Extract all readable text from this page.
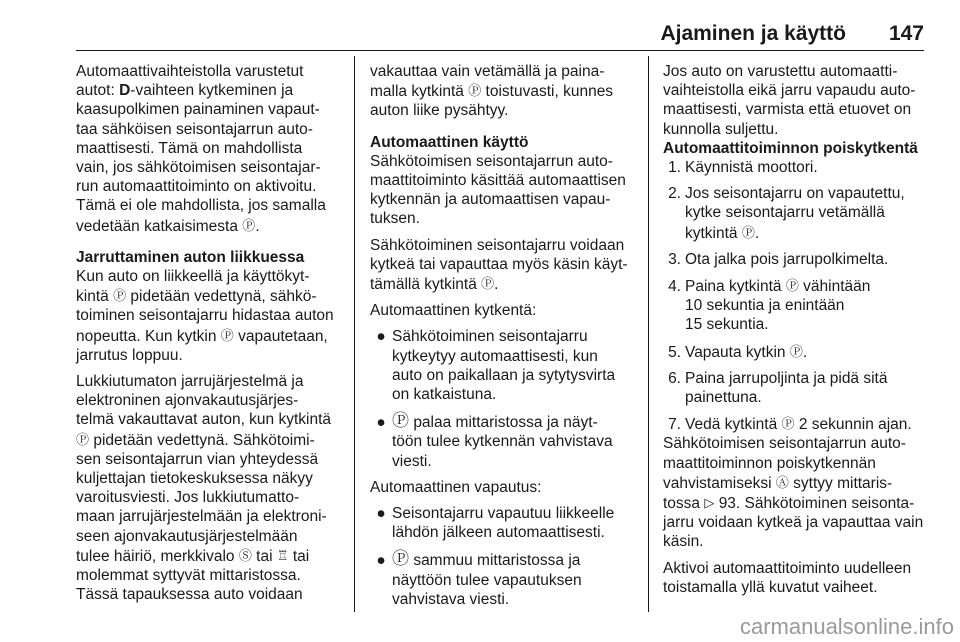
Ajaminen ja käyttö 147
Automaattivaihteistolla varustetut
autot: D-vaihteen kytkeminen ja
kaasupolkimen painaminen vapaut-
taa sähköisen seisontajarrun auto-
maattisesti. Tämä on mahdollista
vain, jos sähkötoimisen seisontajar-
run automaattitoiminto on aktivoitu.
Tämä ei ole mahdollista, jos samalla
vedetään katkaisimesta Ⓟ.
Jarruttaminen auton liikkuessa
Kun auto on liikkeellä ja käyttökyt-
kintä Ⓟ pidetään vedettynä, sähkö-
toiminen seisontajarru hidastaa auton
nopeutta. Kun kytkin Ⓟ vapautetaan,
jarrutus loppuu.
Lukkiutumaton jarrujärjestelmä ja
elektroninen ajonvakautusjärjes-
telmä vakauttavat auton, kun kytkintä
Ⓟ pidetään vedettynä. Sähkötoimi-
sen seisontajarrun vian yhteydessä
kuljettajan tietokeskuksessa näkyy
varoitusviesti. Jos lukkiutumatto-
maan jarrujärjestelmään ja elektroni-
seen ajonvakautusjärjestelmään
tulee häiriö, merkkivalo Ⓢ tai ♖ tai
molemmat syttyvät mittaristossa.
Tässä tapauksessa auto voidaan
vakauttaa vain vetämällä ja paina-
malla kytkintä Ⓟ toistuvasti, kunnes
auton liike pysähtyy.
Automaattinen käyttö
Sähkötoimisen seisontajarrun auto-
maattitoiminto käsittää automaattisen
kytkennän ja automaattisen vapau-
tuksen.
Sähkötoiminen seisontajarru voidaan
kytkeä tai vapauttaa myös käsin käyt-
tämällä kytkintä Ⓟ.
Automaattinen kytkentä:
● Sähkötoiminen seisontajarru
kytkeytyy automaattisesti, kun
auto on paikallaan ja sytytysvirta
on katkaistuna.
● Ⓟ palaa mittaristossa ja näyt-
töön tulee kytkennän vahvistava
viesti.
Automaattinen vapautus:
● Seisontajarru vapautuu liikkeelle
lähdön jälkeen automaattisesti.
● Ⓟ sammuu mittaristossa ja
näyttöön tulee vapautuksen
vahvistava viesti.
Jos auto on varustettu automaatti-
vaihteistolla eikä jarru vapaudu auto-
maattisesti, varmista että etuovet on
kunnolla suljettu.
Automaattitoiminnon poiskytkentä
1. Käynnistä moottori.
2. Jos seisontajarru on vapautettu,
kytke seisontajarru vetämällä
kytkintä Ⓟ.
3. Ota jalka pois jarrupolkimelta.
4. Paina kytkintä Ⓟ vähintään
10 sekuntia ja enintään
15 sekuntia.
5. Vapauta kytkin Ⓟ.
6. Paina jarrupoljinta ja pidä sitä
painettuna.
7. Vedä kytkintä Ⓟ 2 sekunnin ajan.
Sähkötoimisen seisontajarrun auto-
maattitoiminnon poiskytkennän
vahvistamiseksi Ⓐ syttyy mittaris-
tossa ▷ 93. Sähkötoiminen seisonta-
jarru voidaan kytkeä ja vapauttaa vain
käsin.
Aktivoi automaattitoiminto uudelleen
toistamalla yllä kuvatut vaiheet.
carmanualsonline.info
